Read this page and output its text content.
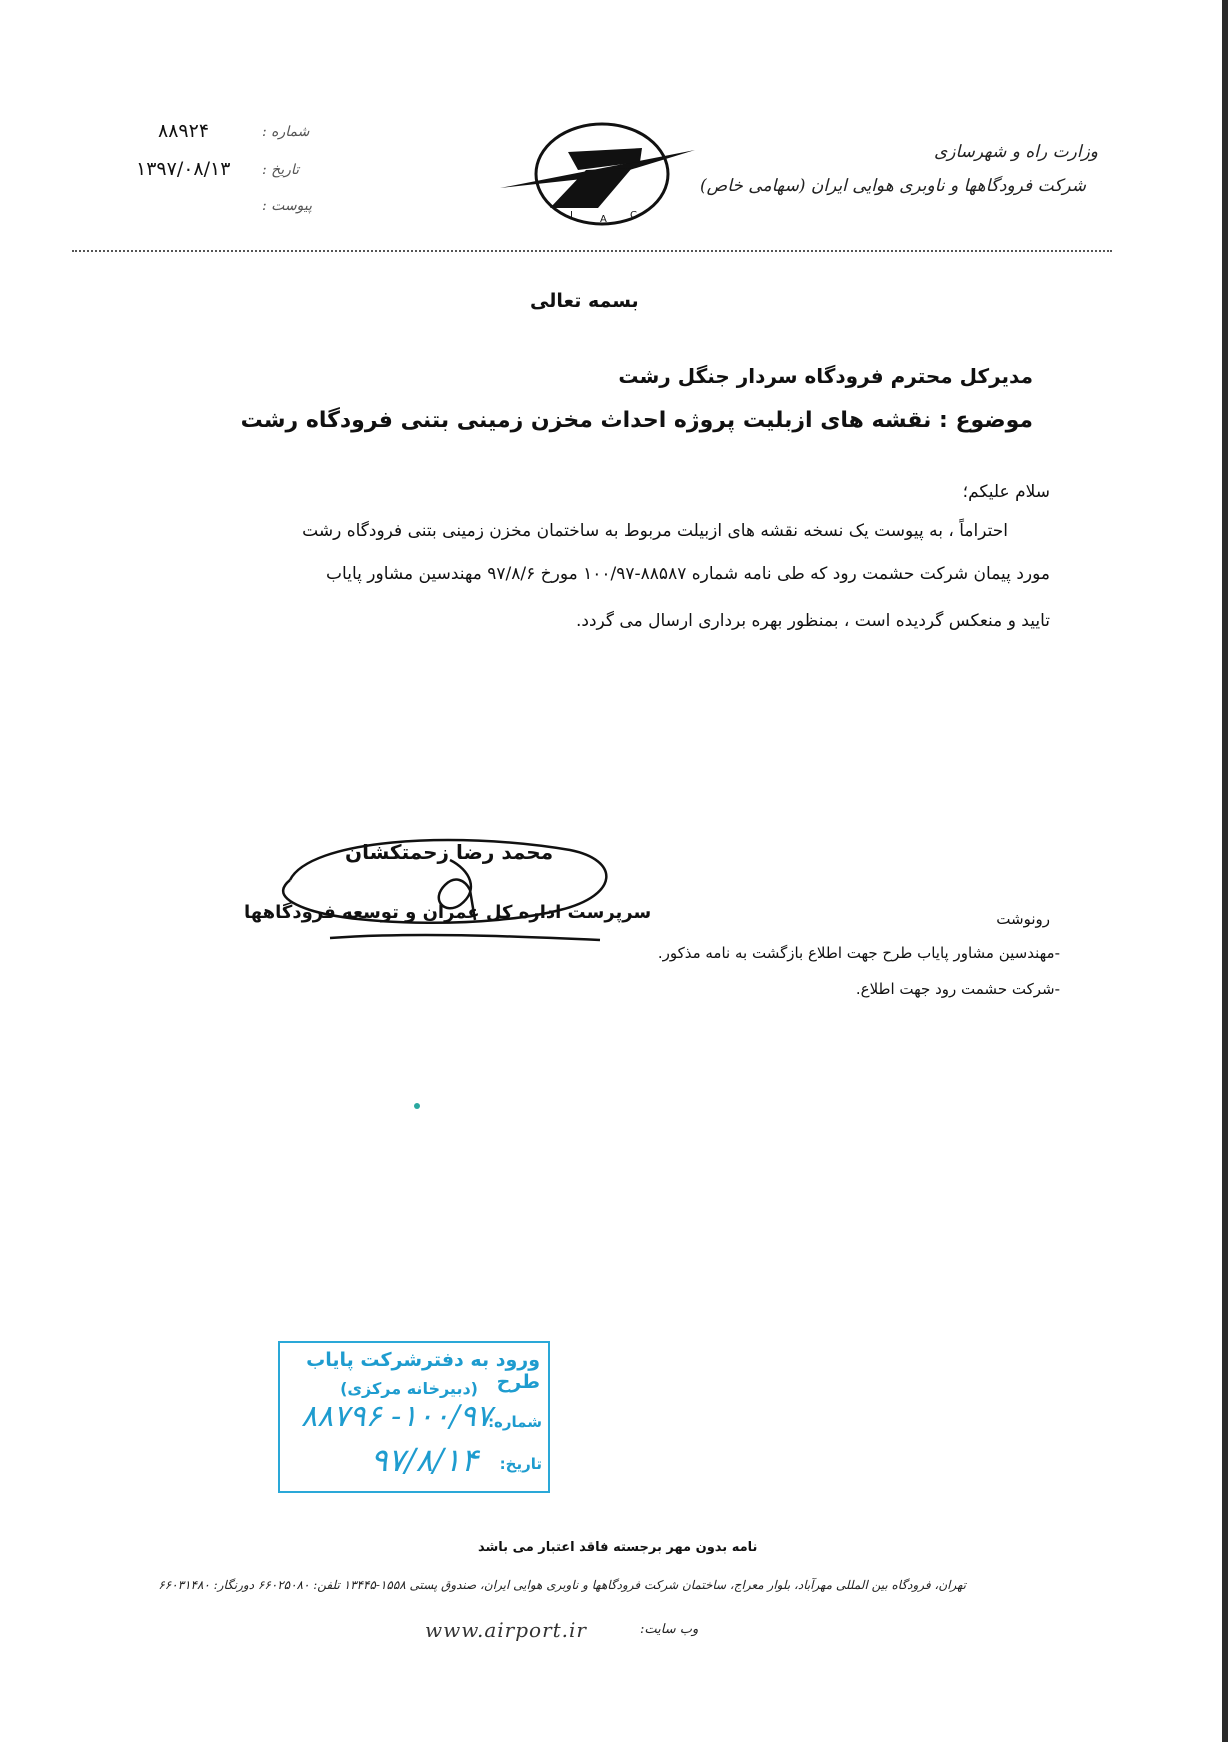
وزارت راه و شهرسازی
شرکت فرودگاهها و ناوبری هوایی ایران (سهامی خاص)
I	A C
شماره :
۸۸۹۲۴
تاریخ :
۱۳۹۷/۰۸/۱۳
پیوست :
بسمه تعالی
مدیرکل محترم فرودگاه سردار جنگل رشت
موضوع : نقشه های ازبلیت پروژه احداث مخزن زمینی بتنی فرودگاه رشت
سلام علیکم؛
احتراماً ، به پیوست یک نسخه نقشه های ازبیلت مربوط به ساختمان مخزن زمینی بتنی فرودگاه رشت
مورد پیمان شرکت حشمت رود که طی نامه شماره ۸۸۵۸۷-۱۰۰/۹۷ مورخ ۹۷/۸/۶ مهندسین مشاور پایاب
تایید و منعکس گردیده است ، بمنظور بهره برداری ارسال می گردد.
محمد رضا زحمتکشان
سرپرست اداره کل عمران و توسعه فرودگاهها	رونوشت
-مهندسین مشاور پایاب طرح جهت اطلاع بازگشت به نامه مذکور.
-شرکت حشمت رود جهت اطلاع.
ورود به دفترشرکت پایاب طرح
(دبیرخانه مرکزی)
شماره:
۱۰۰/۹۷- ۸۸۷۹۶
تاریخ:
۹۷/۸/۱۴
نامه بدون مهر برجسته فاقد اعتبار می باشد
تهران، فرودگاه بین المللی مهرآباد، بلوار معراج، ساختمان شرکت فرودگاهها و ناوبری هوایی ایران، صندوق پستی ۱۵۵۸-۱۳۴۴۵ تلفن: ۶۶۰۲۵۰۸۰ دورنگار: ۶۶۰۳۱۴۸۰
وب سایت:
www.airport.ir
